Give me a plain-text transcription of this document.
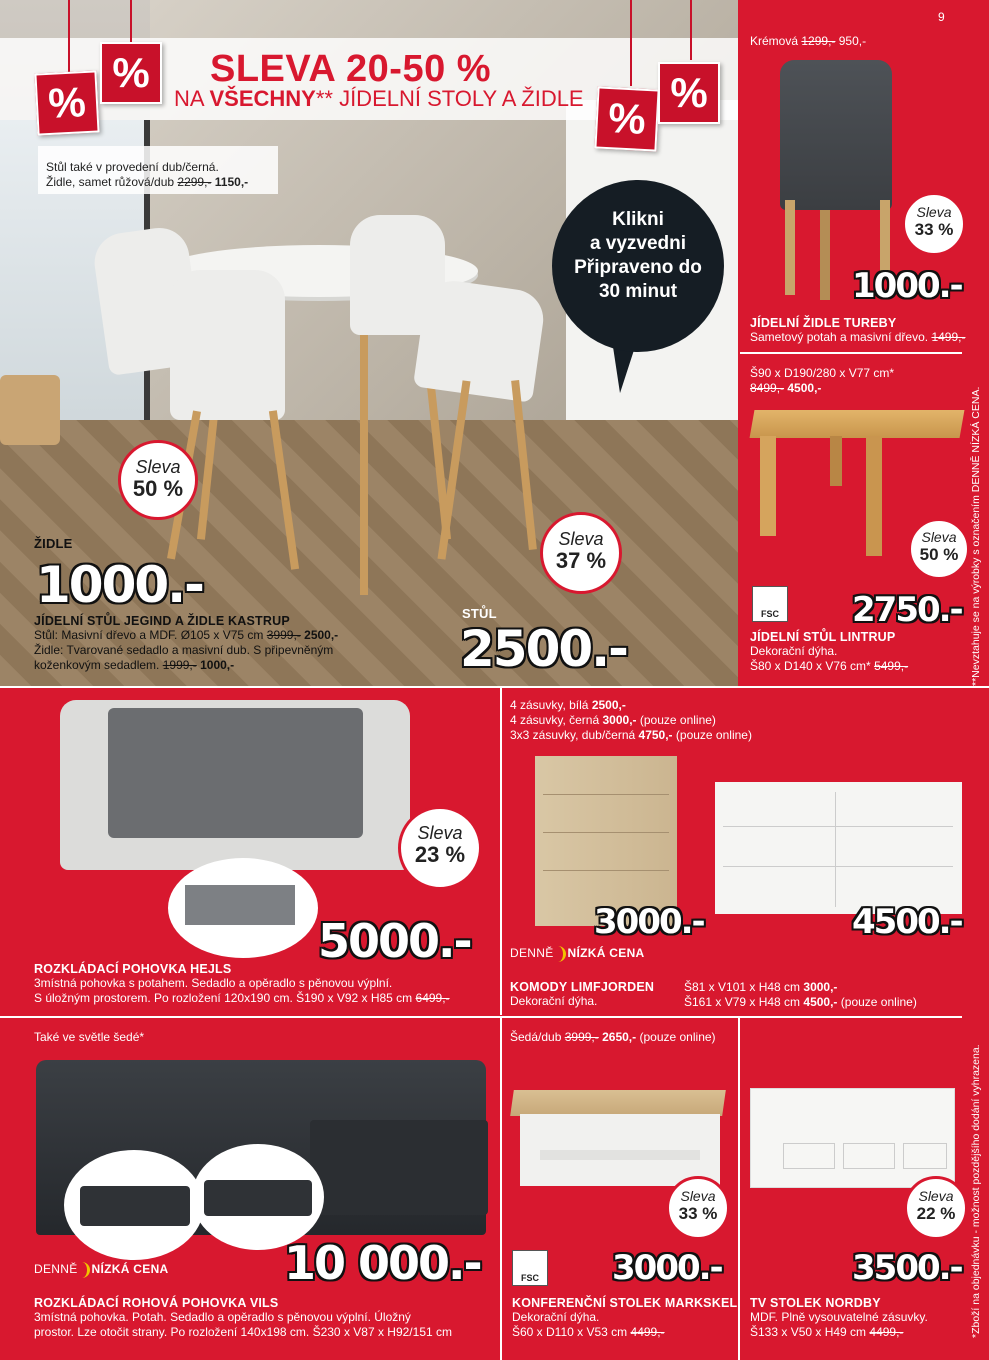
%
%
%
%
SLEVA 20-50 %
NA VŠECHNY** JÍDELNÍ STOLY A ŽIDLE
Stůl také v provedení dub/černá.
Židle, samet růžová/dub 2299,- 1150,-
Klikni
a vyzvedni
Připraveno do
30 minut
Sleva
50 %
ŽIDLE
1000.-
Sleva
37 %
STŮL
2500.-
JÍDELNÍ STŮL JEGIND A ŽIDLE KASTRUP
Stůl: Masivní dřevo a MDF. Ø105 x V75 cm 3999,- 2500,-
Židle: Tvarované sedadlo a masivní dub. S připevněným
koženkovým sedadlem. 1999,- 1000,-
9
Krémová 1299,- 950,-
Sleva
33 %
1000.-
JÍDELNÍ ŽIDLE TUREBY
Sametový potah a masivní dřevo. 1499,-
Š90 x D190/280 x V77 cm*
8499,- 4500,-
Sleva
50 %
FSC 2750.-
JÍDELNÍ STŮL LINTRUP
Dekorační dýha.
Š80 x D140 x V76 cm* 5499,-	**Nevztahuje se na výrobky s označením DENNĚ NÍZKÁ CENA.
*Zboží na objednávku - možnost pozdějšího dodání vyhrazena.
Sleva
23 %
5000.-
ROZKLÁDACÍ POHOVKA HEJLS
3místná pohovka s potahem. Sedadlo a opěradlo s pěnovou výplní.
S úložným prostorem. Po rozložení 120x190 cm. Š190 x V92 x H85 cm 6499,-
4 zásuvky, bílá 2500,-
4 zásuvky, černá 3000,- (pouze online)
3x3 zásuvky, dub/černá 4750,- (pouze online)
3000.-	4500.-
DENNĚ NÍZKÁ CENA
KOMODY LIMFJORDEN
Dekorační dýha.
Š81 x V101 x H48 cm 3000,-
Š161 x V79 x H48 cm 4500,- (pouze online)
Také ve světle šedé*
DENNĚ NÍZKÁ CENA	10 000.-
ROZKLÁDACÍ ROHOVÁ POHOVKA VILS
3místná pohovka. Potah. Sedadlo a opěradlo s pěnovou výplní. Úložný
prostor. Lze otočit strany. Po rozložení 140x198 cm. Š230 x V87 x H92/151 cm
Šedá/dub 3999,- 2650,- (pouze online)
Sleva
33 %
FSC 3000.-
KONFERENČNÍ STOLEK MARKSKEL
Dekorační dýha.
Š60 x D110 x V53 cm 4499,-
Sleva
22 %
3500.-
TV STOLEK NORDBY
MDF. Plně vysouvatelné zásuvky.
Š133 x V50 x H49 cm 4499,-
